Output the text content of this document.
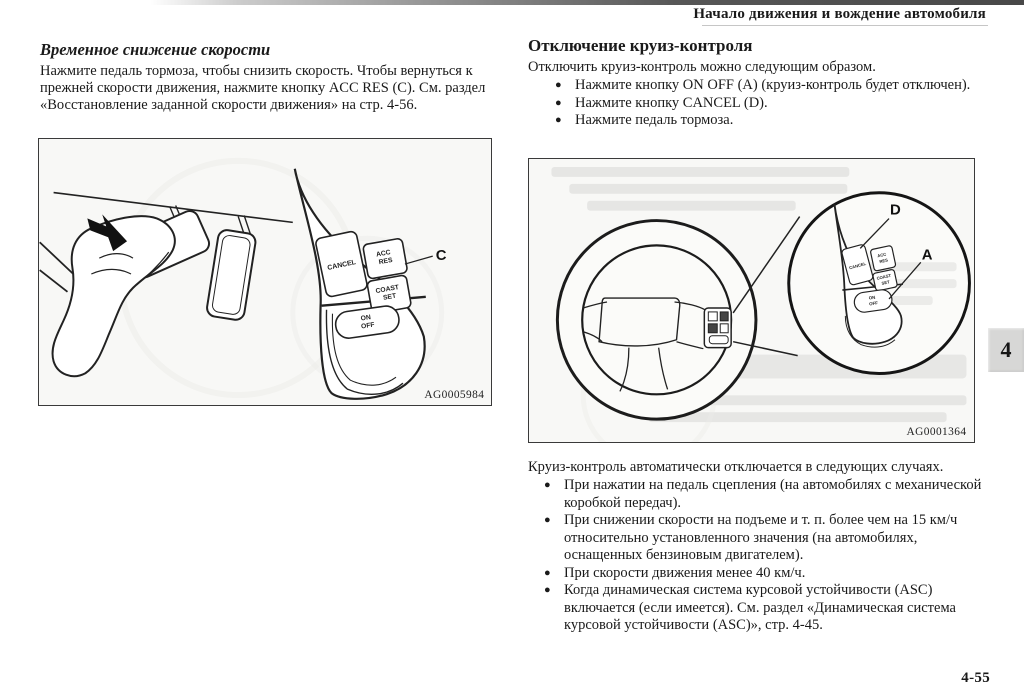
Начало движения и вождение автомобиля
Временное снижение скорости

Нажмите педаль тормоза, чтобы снизить скорость. Чтобы вернуться к прежней скорости движения, нажмите кнопку ACC RES (C). См. раздел «Восстановление заданной скорости движения» на стр. 4-56.

CANCEL
ACC RES
COAST SET
ON OFF
C
AG0005984
Отключение круиз-контроля

Отключить круиз-контроль можно следующим образом.

● Нажмите кнопку ON OFF (A) (круиз-контроль будет отключен).
● Нажмите кнопку CANCEL (D).
● Нажмите педаль тормоза.
CANCEL
ACC RES
COAST SET
ON OFF
D
A
AG0001364

Круиз-контроль автоматически отключается в следующих случаях.

● При нажатии на педаль сцепления (на автомобилях с механической коробкой передач).
● При снижении скорости на подъеме и т. п. более чем на 15 км/ч относительно установленного значения (на автомобилях, оснащенных бензиновым двигателем).
● При скорости движения менее 40 км/ч.
● Когда динамическая система курсовой устойчивости (ASC) включается (если имеется). См. раздел «Динамическая система курсовой устойчивости (ASC)», стр. 4-45.
4
4-55
